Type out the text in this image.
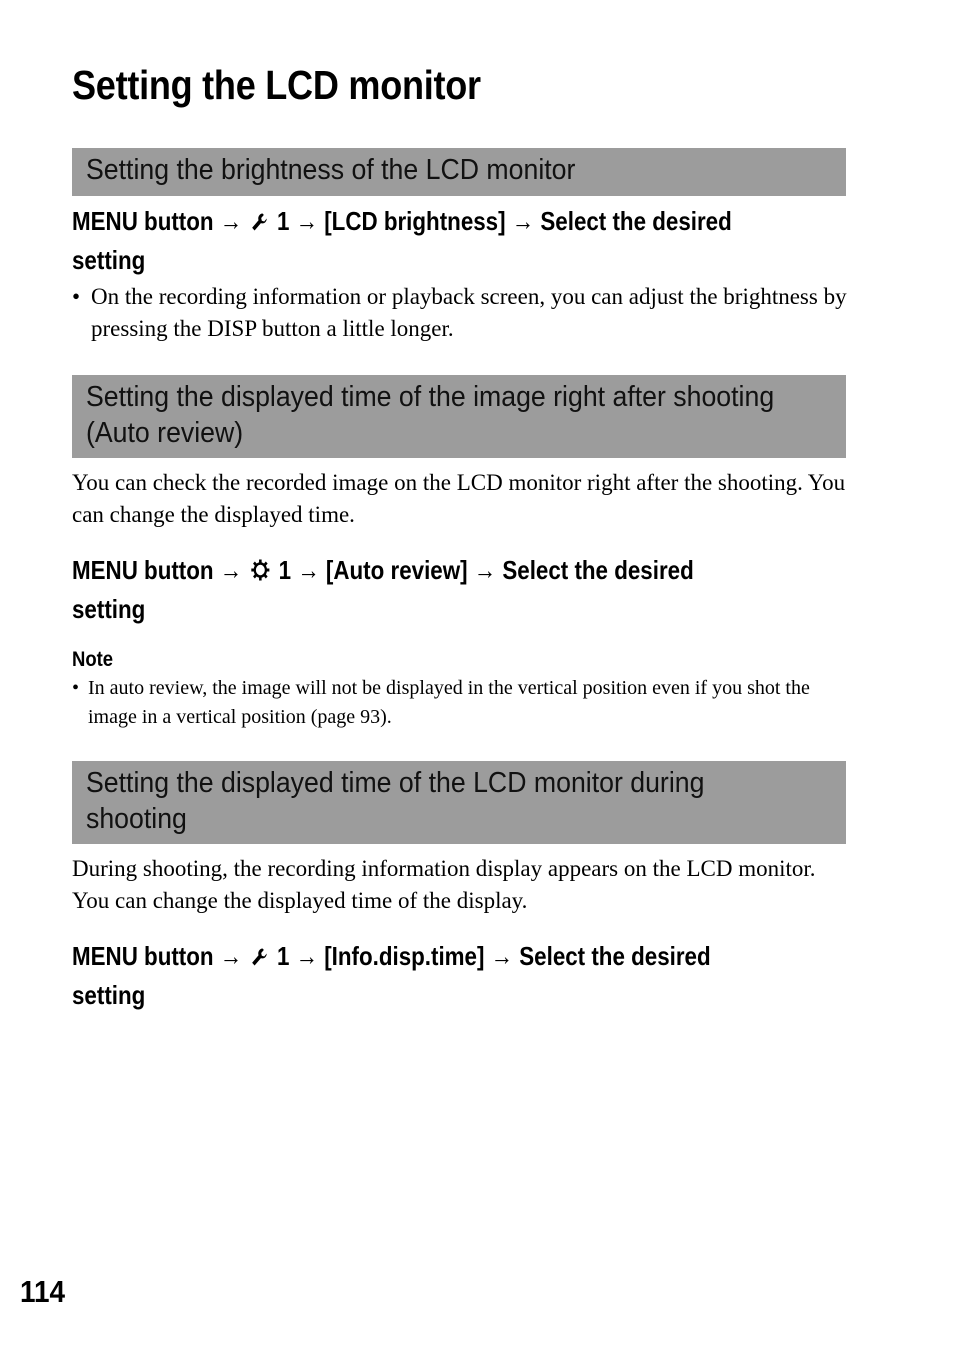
Setting the LCD monitor
Setting the brightness of the LCD monitor
MENU button → 1 → [LCD brightness] → Select the desired
setting
• On the recording information or playback screen, you can adjust the brightness by pressing the DISP button a little longer.
Setting the displayed time of the image right after shooting
(Auto review)

You can check the recorded image on the LCD monitor right after the shooting. You can change the displayed time.

MENU button → 1 → [Auto review] → Select the desired
setting
Note
• In auto review, the image will not be displayed in the vertical position even if you shot the image in a vertical position (page 93).
Setting the displayed time of the LCD monitor during
shooting

During shooting, the recording information display appears on the LCD monitor. You can change the displayed time of the display.

MENU button → 1 → [Info.disp.time] → Select the desired
setting
114
